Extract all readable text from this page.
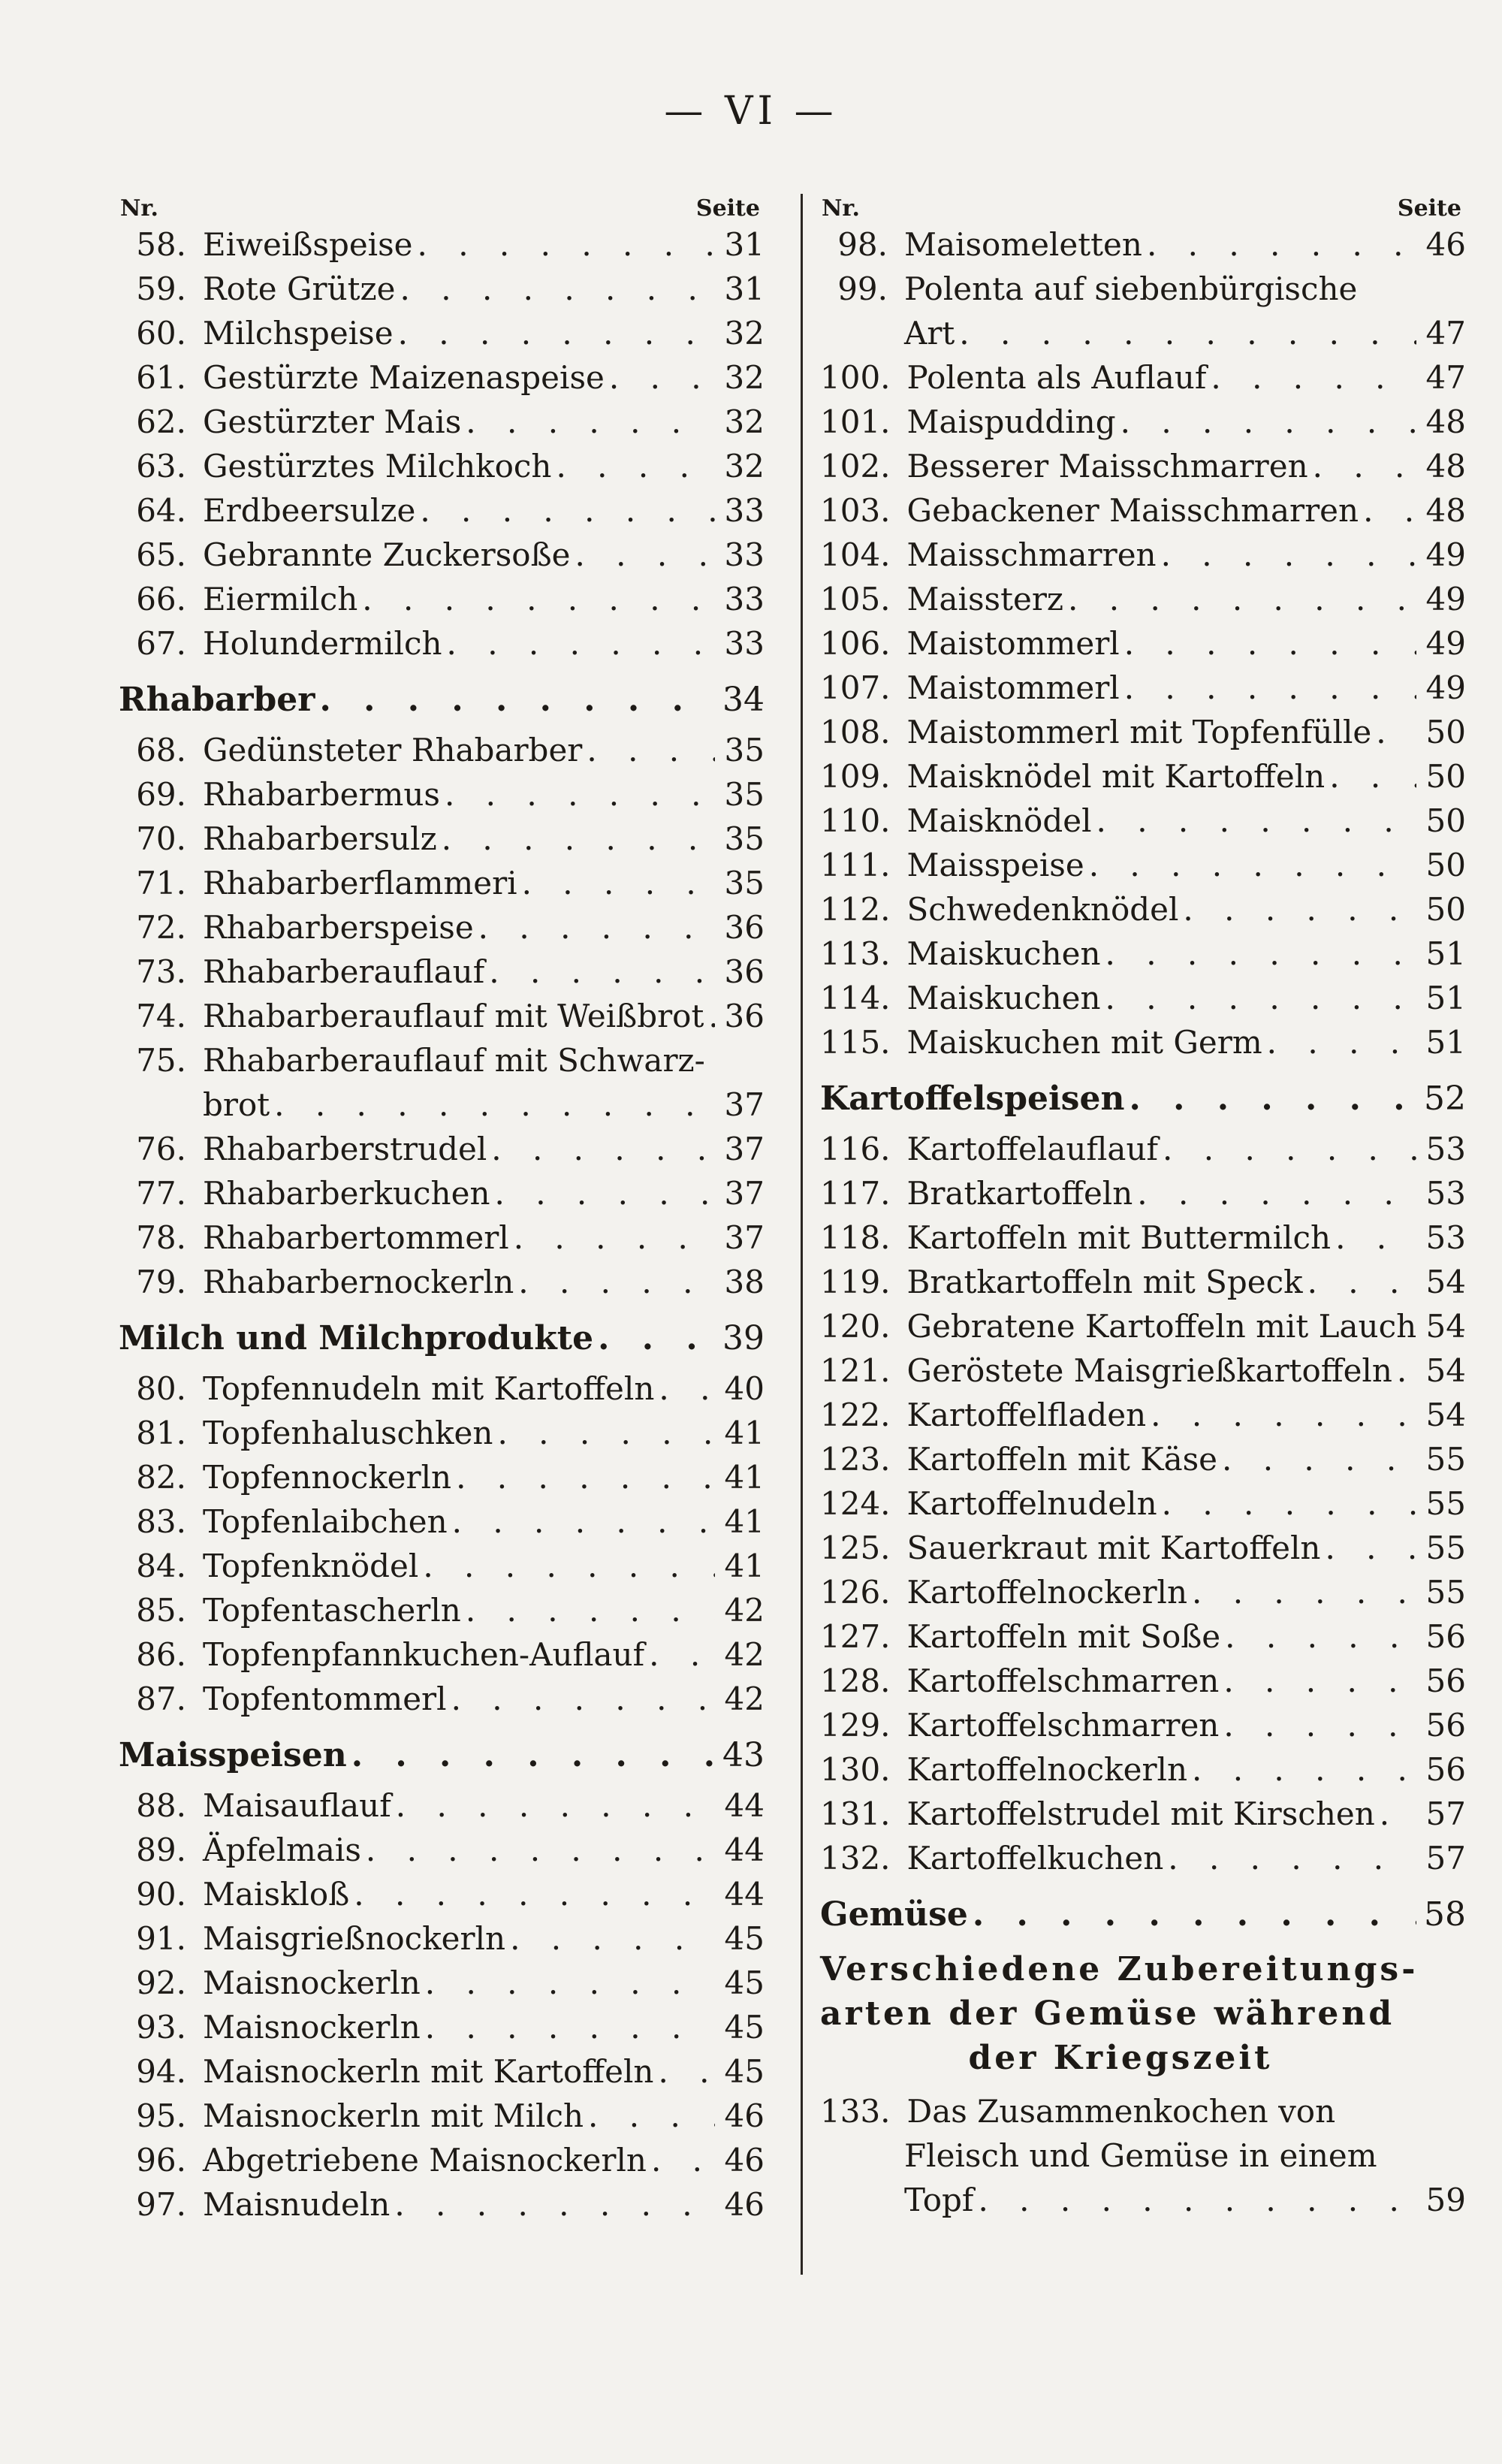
— VI —
Nr.	Seite
58. Eiweißspeise . . .	31
59. Rote Grütze . . .	31
60. Milchspeise . . .	32
61. Gestürzte Maizenaspeise . . .	32
62. Gestürzter Mais . . .	32
63. Gestürztes Milchkoch . . .	32
64. Erdbeersulze . . .	33
65. Gebrannte Zuckersoße . . .	33
66. Eiermilch . . .	33
67. Holundermilch . . .	33
Rhabarber . . .	34
68. Gedünsteter Rhabarber . . .	35
69. Rhabarbermus . . .	35
70. Rhabarbersulz . . .	35
71. Rhabarberflammeri . . .	35
72. Rhabarberspeise . . .	36
73. Rhabarberauflauf . . .	36
74. Rhabarberauflauf mit Weißbrot . . . 36
75. Rhabarberauflauf mit Schwarz-
brot . . .	37
76. Rhabarberstrudel . . .	37
77. Rhabarberkuchen . . .	37
78. Rhabarbertommerl . . .	37
79. Rhabarbernockerln . . .	38
Milch und Milchprodukte . . .	39
80. Topfennudeln mit Kartoffeln . . . 40
81. Topfenhaluschken . . .	41
82. Topfennockerln . . .	41
83. Topfenlaibchen . . .	41
84. Topfenknödel . . .	41
85. Topfentascherln . . .	42
86. Topfenpfannkuchen-Auflauf . . .	42
87. Topfentommerl . . .	42
Maisspeisen . . .	43
88. Maisauflauf . . .	44
89. Äpfelmais . . .	44
90. Maiskloß . . .	44
91. Maisgrießnockerln . . .	45
92. Maisnockerln . . .	45
93. Maisnockerln . . .	45
94. Maisnockerln mit Kartoffeln . . . 45
95. Maisnockerln mit Milch . . .	46
96. Abgetriebene Maisnockerln . . . 46
97. Maisnudeln . . .	46
Nr.	Seite
98. Maisomeletten . . .	46
99. Polenta auf siebenbürgische
Art . . .	47
100. Polenta als Auflauf . . .	47
101. Maispudding . . .	48
102. Besserer Maisschmarren . . .	48
103. Gebackener Maisschmarren . . . 48
104. Maisschmarren . . .	49
105. Maissterz . . .	49
106. Maistommerl . . .	49
107. Maistommerl . . .	49
108. Maistommerl mit Topfenfülle . . . 50
109. Maisknödel mit Kartoffeln . . .	50
110. Maisknödel . . .	50
111. Maisspeise . . .	50
112. Schwedenknödel . . .	50
113. Maiskuchen . . .	51
114. Maiskuchen . . .	51
115. Maiskuchen mit Germ . . .	51
Kartoffelspeisen . . .	52
116. Kartoffelauflauf . . .	53
117. Bratkartoffeln . . .	53
118. Kartoffeln mit Buttermilch . . .	53
119. Bratkartoffeln mit Speck . . .	54
120. Gebratene Kartoffeln mit Lauch 54
121. Geröstete Maisgrießkartoffeln . . . 54
122. Kartoffelfladen . . .	54
123. Kartoffeln mit Käse . . .	55
124. Kartoffelnudeln . . .	55
125. Sauerkraut mit Kartoffeln . . .	55
126. Kartoffelnockerln . . .	55
127. Kartoffeln mit Soße . . .	56
128. Kartoffelschmarren . . .	56
129. Kartoffelschmarren . . .	56
130. Kartoffelnockerln . . .	56
131. Kartoffelstrudel mit Kirschen . . . 57
132. Kartoffelkuchen . . .	57
Gemüse . . .	58
Verschiedene Zubereitungs-
arten der Gemüse während
der Kriegszeit
133. Das Zusammenkochen von
Fleisch und Gemüse in einem
Topf . . .	59
